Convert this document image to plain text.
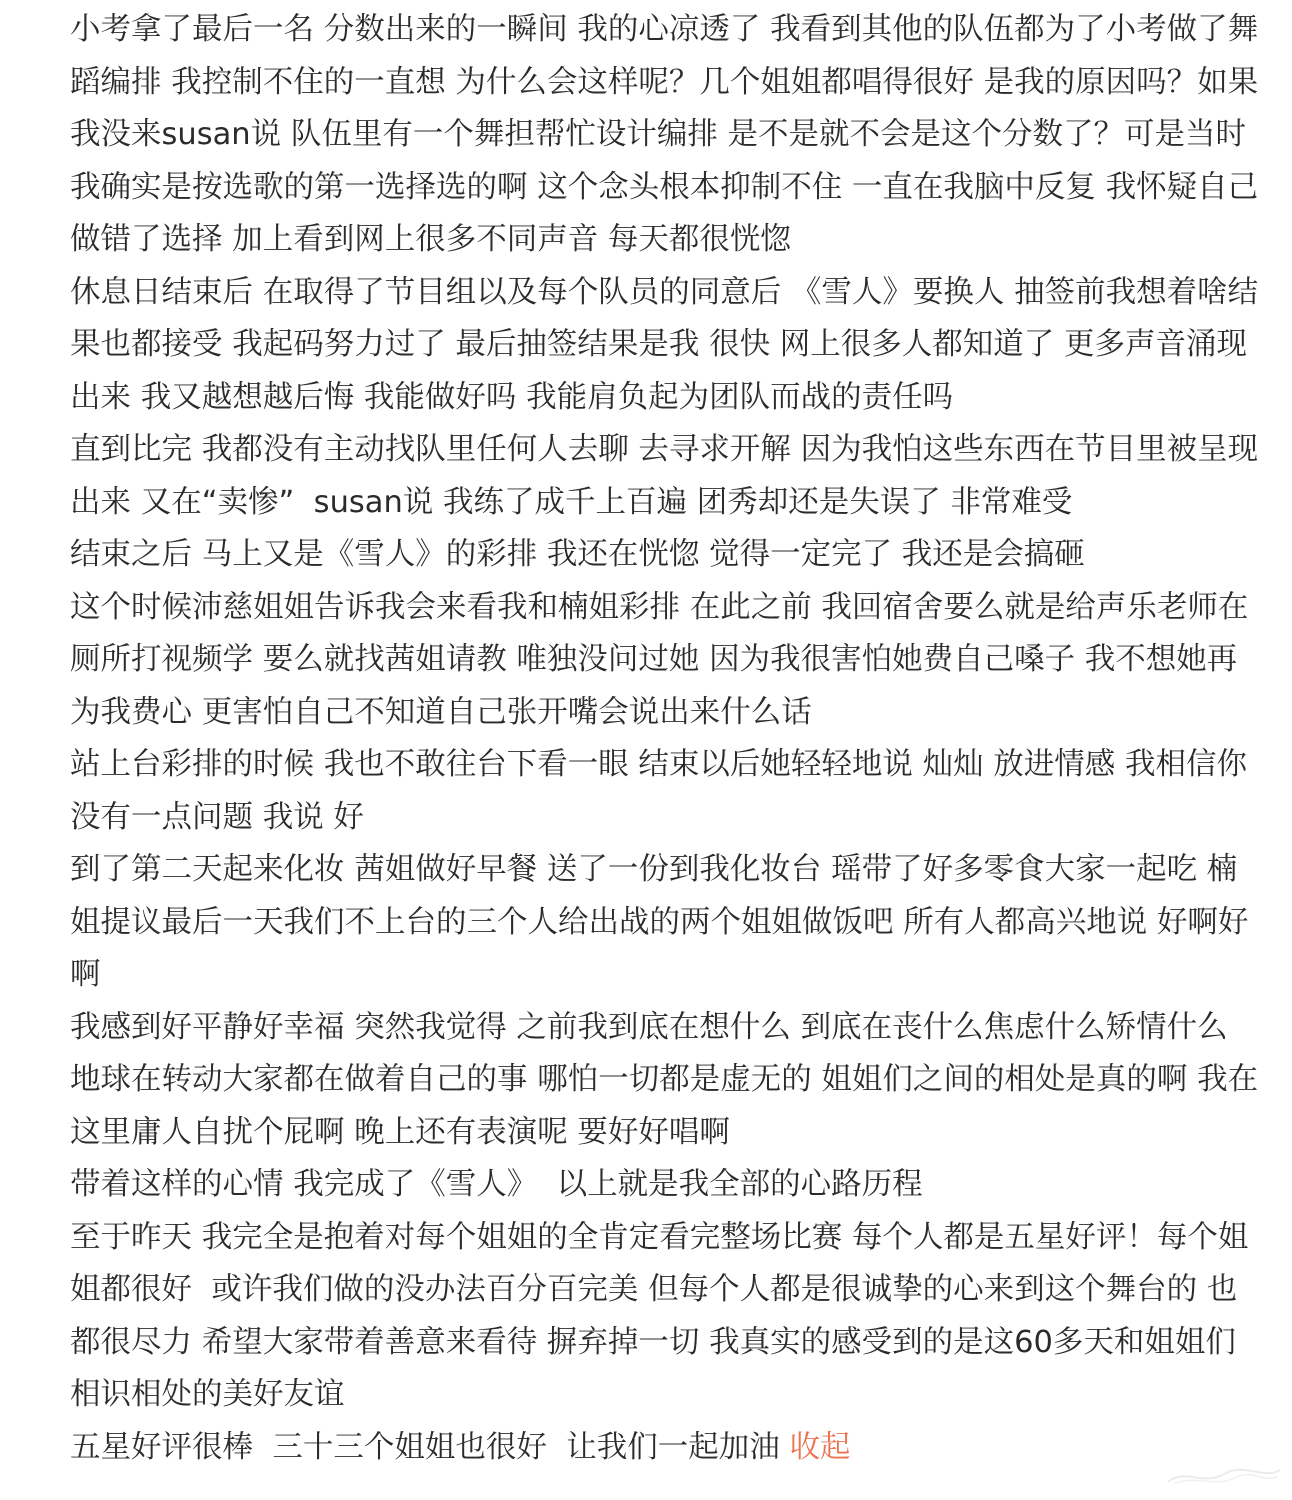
小考拿了最后一名 分数出来的一瞬间 我的心凉透了 我看到其他的队伍都为了小考做了舞蹈编排 我控制不住的一直想 为什么会这样呢？几个姐姐都唱得很好 是我的原因吗？如果我没来susan说 队伍里有一个舞担帮忙设计编排 是不是就不会是这个分数了？可是当时我确实是按选歌的第一选择选的啊 这个念头根本抑制不住 一直在我脑中反复 我怀疑自己做错了选择 加上看到网上很多不同声音 每天都很恍惚
休息日结束后 在取得了节目组以及每个队员的同意后 《雪人》要换人 抽签前我想着啥结果也都接受 我起码努力过了 最后抽签结果是我 很快 网上很多人都知道了 更多声音涌现出来 我又越想越后悔 我能做好吗 我能肩负起为团队而战的责任吗
直到比完 我都没有主动找队里任何人去聊 去寻求开解 因为我怕这些东西在节目里被呈现出来 又在“卖惨”  susan说 我练了成千上百遍 团秀却还是失误了 非常难受
结束之后 马上又是《雪人》的彩排 我还在恍惚 觉得一定完了 我还是会搞砸
这个时候沛慈姐姐告诉我会来看我和楠姐彩排 在此之前 我回宿舍要么就是给声乐老师在厕所打视频学 要么就找茜姐请教 唯独没问过她 因为我很害怕她费自己嗓子 我不想她再为我费心 更害怕自己不知道自己张开嘴会说出来什么话
站上台彩排的时候 我也不敢往台下看一眼 结束以后她轻轻地说 灿灿 放进情感 我相信你 没有一点问题 我说 好
到了第二天起来化妆 茜姐做好早餐 送了一份到我化妆台 瑶带了好多零食大家一起吃 楠姐提议最后一天我们不上台的三个人给出战的两个姐姐做饭吧 所有人都高兴地说 好啊好啊
我感到好平静好幸福 突然我觉得 之前我到底在想什么 到底在丧什么焦虑什么矫情什么 地球在转动大家都在做着自己的事 哪怕一切都是虚无的 姐姐们之间的相处是真的啊 我在这里庸人自扰个屁啊 晚上还有表演呢 要好好唱啊
带着这样的心情 我完成了《雪人》  以上就是我全部的心路历程
至于昨天 我完全是抱着对每个姐姐的全肯定看完整场比赛 每个人都是五星好评！每个姐姐都很好  或许我们做的没办法百分百完美 但每个人都是很诚挚的心来到这个舞台的 也都很尽力 希望大家带着善意来看待 摒弃掉一切 我真实的感受到的是这60多天和姐姐们相识相处的美好友谊
五星好评很棒  三十三个姐姐也很好  让我们一起加油 收起
